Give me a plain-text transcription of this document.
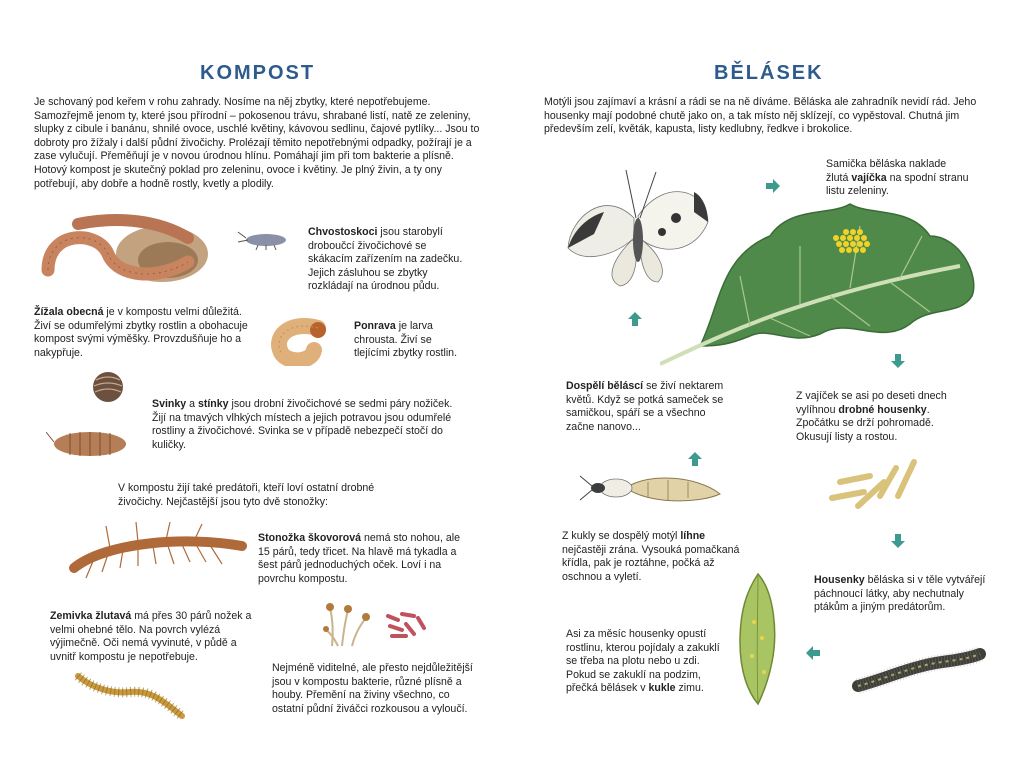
KOMPOST
Je schovaný pod keřem v rohu zahrady. Nosíme na něj zbytky, které nepotřebujeme. Samozřejmě jenom ty, které jsou přírodní – pokosenou trávu, shrabané listí, natě ze zeleniny, slupky z cibule i banánu, shnilé ovoce, uschlé květiny, kávovou sedlinu, čajové pytlíky... Jsou to dobroty pro žížaly i další půdní živočichy. Prolézají těmito nepotřebnými odpadky, požírají je a zase vylučují. Přeměňují je v novou úrodnou hlínu. Pomáhají jim při tom bakterie a plísně. Hotový kompost je skutečný poklad pro zeleninu, ovoce i květiny. Je plný živin, a ty ony potřebují, aby dobře a hodně rostly, kvetly a plodily.
Žížala obecná je v kompostu velmi důležitá. Živí se odumřelými zbytky rostlin a obohacuje kompost svými výměšky. Provzdušňuje ho a nakypřuje.
Chvostoskoci jsou starobylí droboučcí živočichové se skákacím zařízením na zadečku. Jejich zásluhou se zbytky rozkládají na úrodnou půdu.
Ponrava je larva chrousta. Živí se tlejícími zbytky rostlin.
Svinky a stínky jsou drobní živočichové se sedmi páry nožiček. Žijí na tmavých vlhkých místech a jejich potravou jsou odumřelé rostliny a živočichové. Svinka se v případě nebezpečí stočí do kuličky.
V kompostu žijí také predátoři, kteří loví ostatní drobné živočichy. Nejčastější jsou tyto dvě stonožky:
Stonožka škovorová nemá sto nohou, ale 15 párů, tedy třicet. Na hlavě má tykadla a šest párů jednoduchých oček. Loví i na povrchu kompostu.
Zemivka žlutavá má přes 30 párů nožek a velmi ohebné tělo. Na povrch vylézá výjimečně. Oči nemá vyvinuté, v půdě a uvnitř kompostu je nepotřebuje.
Nejméně viditelné, ale přesto nejdůležitější jsou v kompostu bakterie, různé plísně a houby. Přemění na živiny všechno, co ostatní půdní živáčci rozkousou a vyloučí.
BĚLÁSEK
Motýli jsou zajímaví a krásní a rádi se na ně díváme. Běláska ale zahradník nevidí rád. Jeho housenky mají podobné chutě jako on, a tak místo něj sklízejí, co vypěstoval. Chutná jim především zelí, květák, kapusta, listy kedlubny, ředkve i brokolice.
Samička běláska naklade žlutá vajíčka na spodní stranu listu zeleniny.
Dospělí běláscí se živí nektarem květů. Když se potká sameček se samičkou, spáří se a všechno začne nanovo...
Z vajíček se asi po deseti dnech vylíhnou drobné housenky. Zpočátku se drží pohromadě. Okusují listy a rostou.
Z kukly se dospělý motýl líhne nejčastěji zrána. Vysouká pomačkaná křídla, pak je roztáhne, počká až oschnou a vyletí.	Housenky běláska si v těle vytvářejí páchnoucí látky, aby nechutnaly ptákům a jiným predátorům.
Asi za měsíc housenky opustí rostlinu, kterou pojídaly a zakuklí se třeba na plotu nebo u zdi. Pokud se zakuklí na podzim, přečká bělásek v kukle zimu.
